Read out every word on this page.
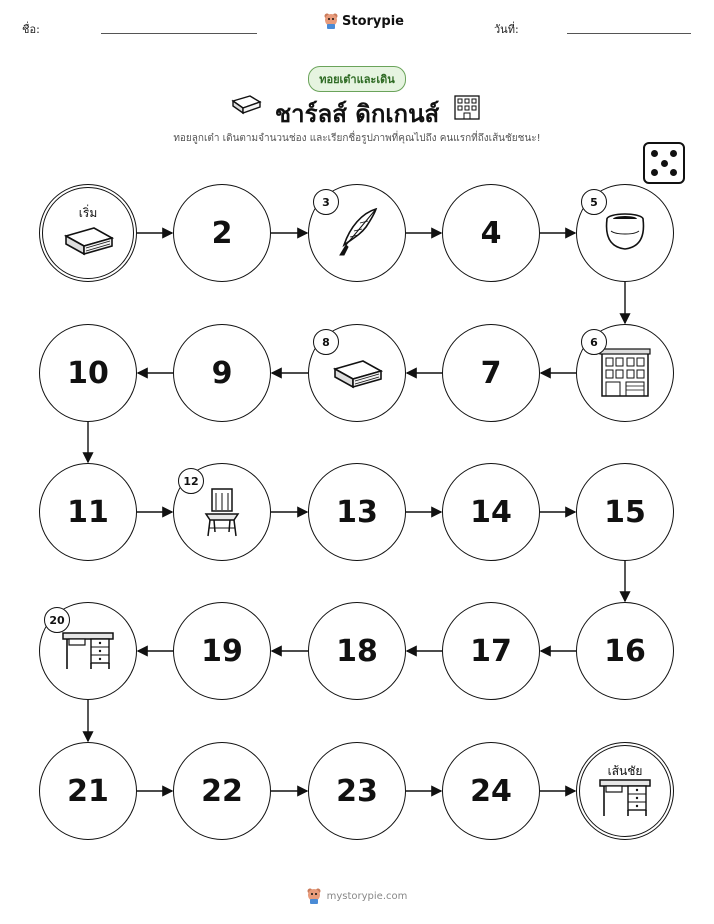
ชื่อ:
Storypie
วันที่:
ทอยเต๋าและเดิน
ชาร์ลส์ ดิกเกนส์
ทอยลูกเต๋า เดินตามจำนวนช่อง และเรียกชื่อรูปภาพที่คุณไปถึง คนแรกที่ถึงเส้นชัยชนะ!
เริ่ม
2
3
4
5
6
7
8
9
10
11
12
13	14	15
16
17
18
19
20
21	22	23	24
เส้นชัย
mystorypie.com
